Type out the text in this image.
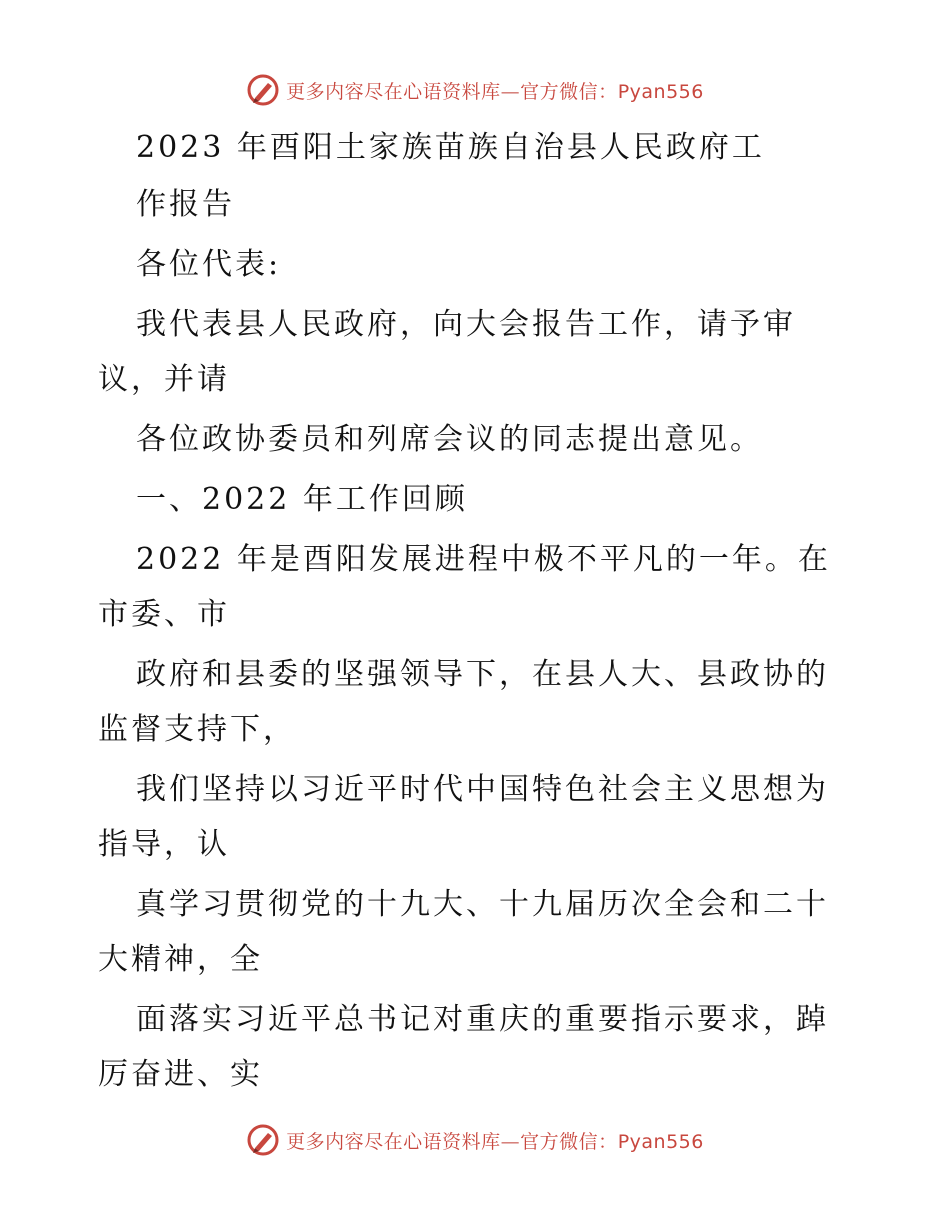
更多内容尽在心语资料库—官方微信：Pyan556
2023 年酉阳土家族苗族自治县人民政府工
作报告
各位代表:
我代表县人民政府，向大会报告工作，请予审
议，并请
各位政协委员和列席会议的同志提出意见。
一、2022 年工作回顾
2022 年是酉阳发展进程中极不平凡的一年。在
市委、市
政府和县委的坚强领导下，在县人大、县政协的
监督支持下，
我们坚持以习近平时代中国特色社会主义思想为
指导，认
真学习贯彻党的十九大、十九届历次全会和二十
大精神，全
面落实习近平总书记对重庆的重要指示要求，踔
厉奋进、实
更多内容尽在心语资料库—官方微信：Pyan556
